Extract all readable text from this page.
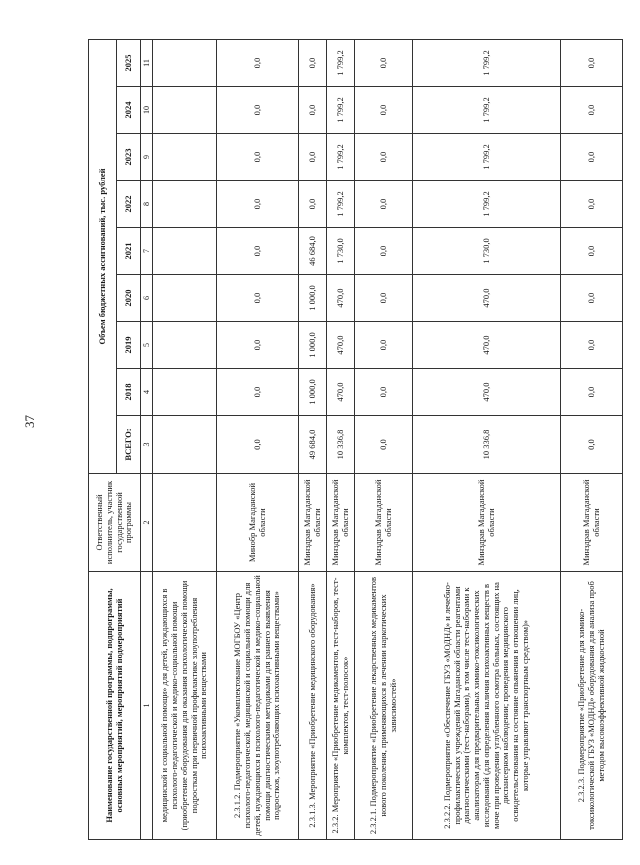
37
Наименование государственной программы, подпрограммы, основных мероприятий, мероприятий подмероприятий	Ответственный исполнитель, участник государственной программы	Объем бюджетных ассигнований, тыс. рублей								
		ВСЕГО:	2018	2019	2020	2021	2022	2023	2024	2025
1	2	3	4	5	6	7	8	9	10	11
медицинской и социальной помощи» для детей, нуждающихся в психолого-педагогической и медико-социальной помощи (приобретение оборудования для оказания психологической помощи подросткам при первичной профилактике злоупотребления психоактивными веществами										
2.3.1.2. Подмероприятие «Укомплектование МОГБОУ «Центр психолого-педагогической, медицинской и социальной помощи для детей, нуждающихся в психолого-педагогической и медико-социальной помощи диагностическими методиками для раннего выявления подростков, злоупотребляющих психоактивными веществами»	Минобр Магаданской области	0,0	0,0	0,0	0,0	0,0	0,0	0,0	0,0	0,0
2.3.1.3. Мероприятие «Приобретение медицинского оборудования»	Минздрав Магаданской области	49 684,0	1 000,0	1 000,0	1 000,0	46 684,0	0,0	0,0	0,0	0,0
2.3.2. Мероприятие «Приобретение медикаментов, тест-наборов, тест-комплектов, тест-полосок»	Минздрав Магаданской области	10 336,8	470,0	470,0	470,0	1 730,0	1 799,2	1 799,2	1 799,2	1 799,2
2.3.2.1. Подмероприятие «Приобретение лекарственных медикаментов нового поколения, применяющихся в лечении наркотических зависимостей»	Минздрав Магаданской области	0,0	0,0	0,0	0,0	0,0	0,0	0,0	0,0	0,0
2.3.2.2. Подмероприятие «Обеспечение ГБУЗ «МОДНД» и лечебно-профилактических учреждений Магаданской области реагентами диагностическими (тест-наборами), в том числе тест-наборами к анализаторам для предварительных химико-токсикологических исследований (для определения наличия психоактивных веществ в моче при проведении углубленного осмотра больных, состоящих на диспансерном наблюдении; проведения медицинского освидетельствования на состояние опьянения в отношении лиц, которые управляют транспортным средством)»	Минздрав Магаданской области	10 336,8	470,0	470,0	470,0	1 730,0	1 799,2	1 799,2	1 799,2	1 799,2
2.3.2.3. Подмероприятие «Приобретение для химико-токсикологической ГБУЗ «МОДНД» оборудования для анализа проб методом высокоэффективной жидкостной	Минздрав Магаданской области	0,0	0,0	0,0	0,0	0,0	0,0	0,0	0,0	0,0
